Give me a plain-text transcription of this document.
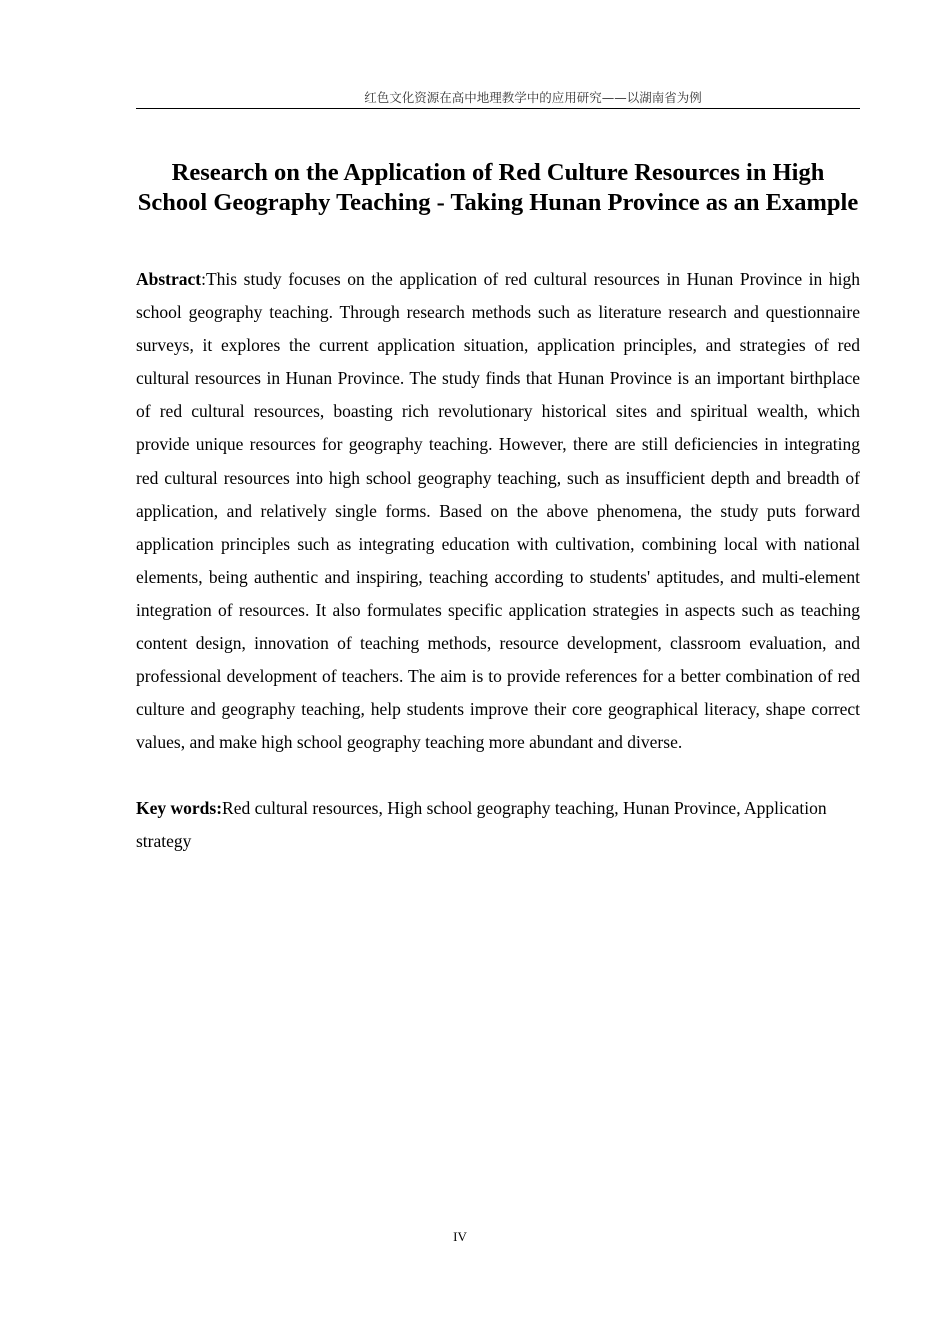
红色文化资源在高中地理教学中的应用研究——以湖南省为例
Research on the Application of Red Culture Resources in High School Geography Teaching - Taking Hunan Province as an Example

Abstract:This study focuses on the application of red cultural resources in Hunan Province in high school geography teaching. Through research methods such as literature research and questionnaire surveys, it explores the current application situation, application principles, and strategies of red cultural resources in Hunan Province. The study finds that Hunan Province is an important birthplace of red cultural resources, boasting rich revolutionary historical sites and spiritual wealth, which provide unique resources for geography teaching. However, there are still deficiencies in integrating red cultural resources into high school geography teaching, such as insufficient depth and breadth of application, and relatively single forms. Based on the above phenomena, the study puts forward application principles such as integrating education with cultivation, combining local with national elements, being authentic and inspiring, teaching according to students' aptitudes, and multi-element integration of resources. It also formulates specific application strategies in aspects such as teaching content design, innovation of teaching methods, resource development, classroom evaluation, and professional development of teachers. The aim is to provide references for a better combination of red culture and geography teaching, help students improve their core geographical literacy, shape correct values, and make high school geography teaching more abundant and diverse.

Key words:Red cultural resources, High school geography teaching, Hunan Province, Application strategy

IV
